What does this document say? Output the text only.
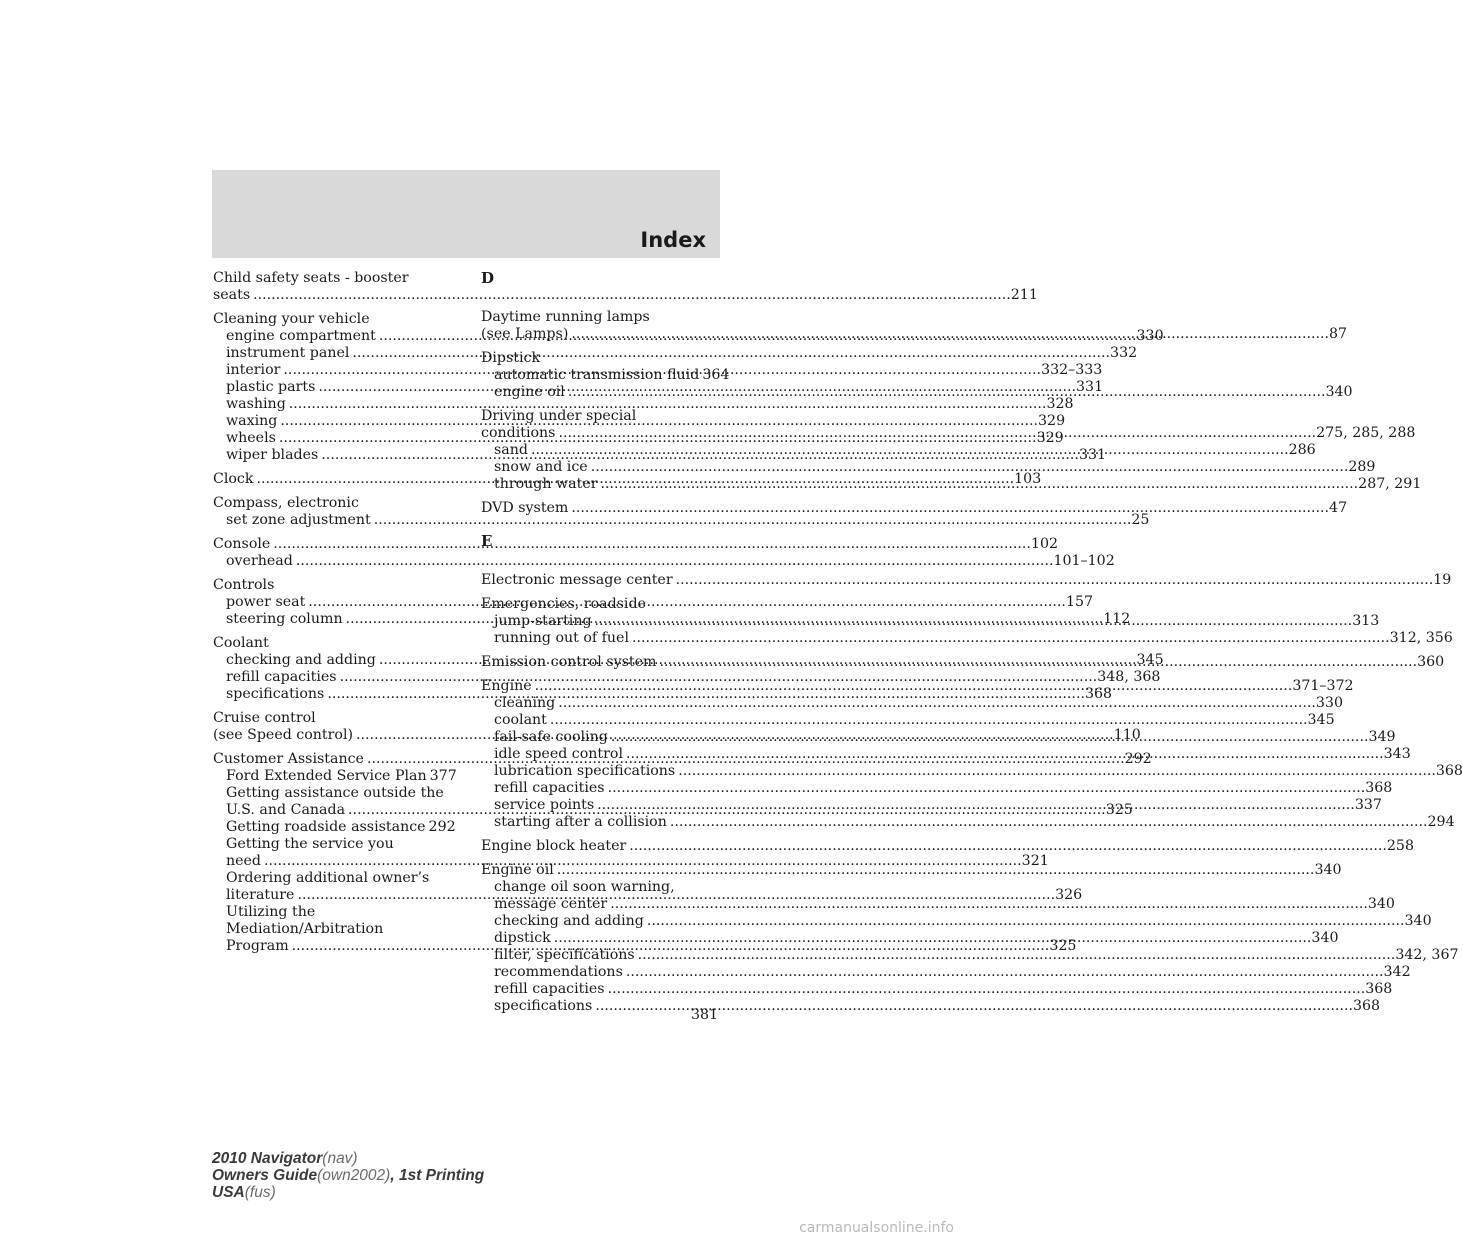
Index
Child safety seats - booster
seats .....	211
Cleaning your vehicle
engine compartment .....	330
instrument panel .....	332
interior .....	332–333
plastic parts .....	331
washing .....	328
waxing .....	329
wheels .....	329
wiper blades .....	331
Clock .....	103
Compass, electronic
set zone adjustment .....	25
Console .....	102
overhead .....	101–102
Controls
power seat .....	157
steering column .....	112
Coolant
checking and adding .....	345
refill capacities .....	348, 368
specifications .....	368
Cruise control
(see Speed control) .....	110
Customer Assistance .....	292
Ford Extended Service Plan 377
Getting assistance outside the
U.S. and Canada .....	325
Getting roadside assistance 292
Getting the service you
need .....	321
Ordering additional owner’s
literature .....	326
Utilizing the
Mediation/Arbitration
Program .....	325
D
Daytime running lamps
(see Lamps) .....	87
Dipstick
automatic transmission fluid 364
engine oil .....	340
Driving under special
conditions .....	275, 285, 288
sand .....	286
snow and ice .....	289
through water .....	287, 291
DVD system .....	47
E
Electronic message center .....	19
Emergencies, roadside
jump-starting .....	313
running out of fuel .....	312, 356
Emission control system .....	360
Engine .....	371–372
cleaning .....	330
coolant .....	345
fail-safe cooling .....	349
idle speed control .....	343
lubrication specifications .....	368
refill capacities .....	368
service points .....	337
starting after a collision .....	294
Engine block heater .....	258
Engine oil .....	340
change oil soon warning,
message center .....	340
checking and adding .....	340
dipstick .....	340
filter, specifications .....	342, 367
recommendations .....	342
refill capacities .....	368
specifications .....	368
381
2010 Navigator(nav)
Owners Guide(own2002), 1st Printing
USA(fus)
carmanualsonline.info
